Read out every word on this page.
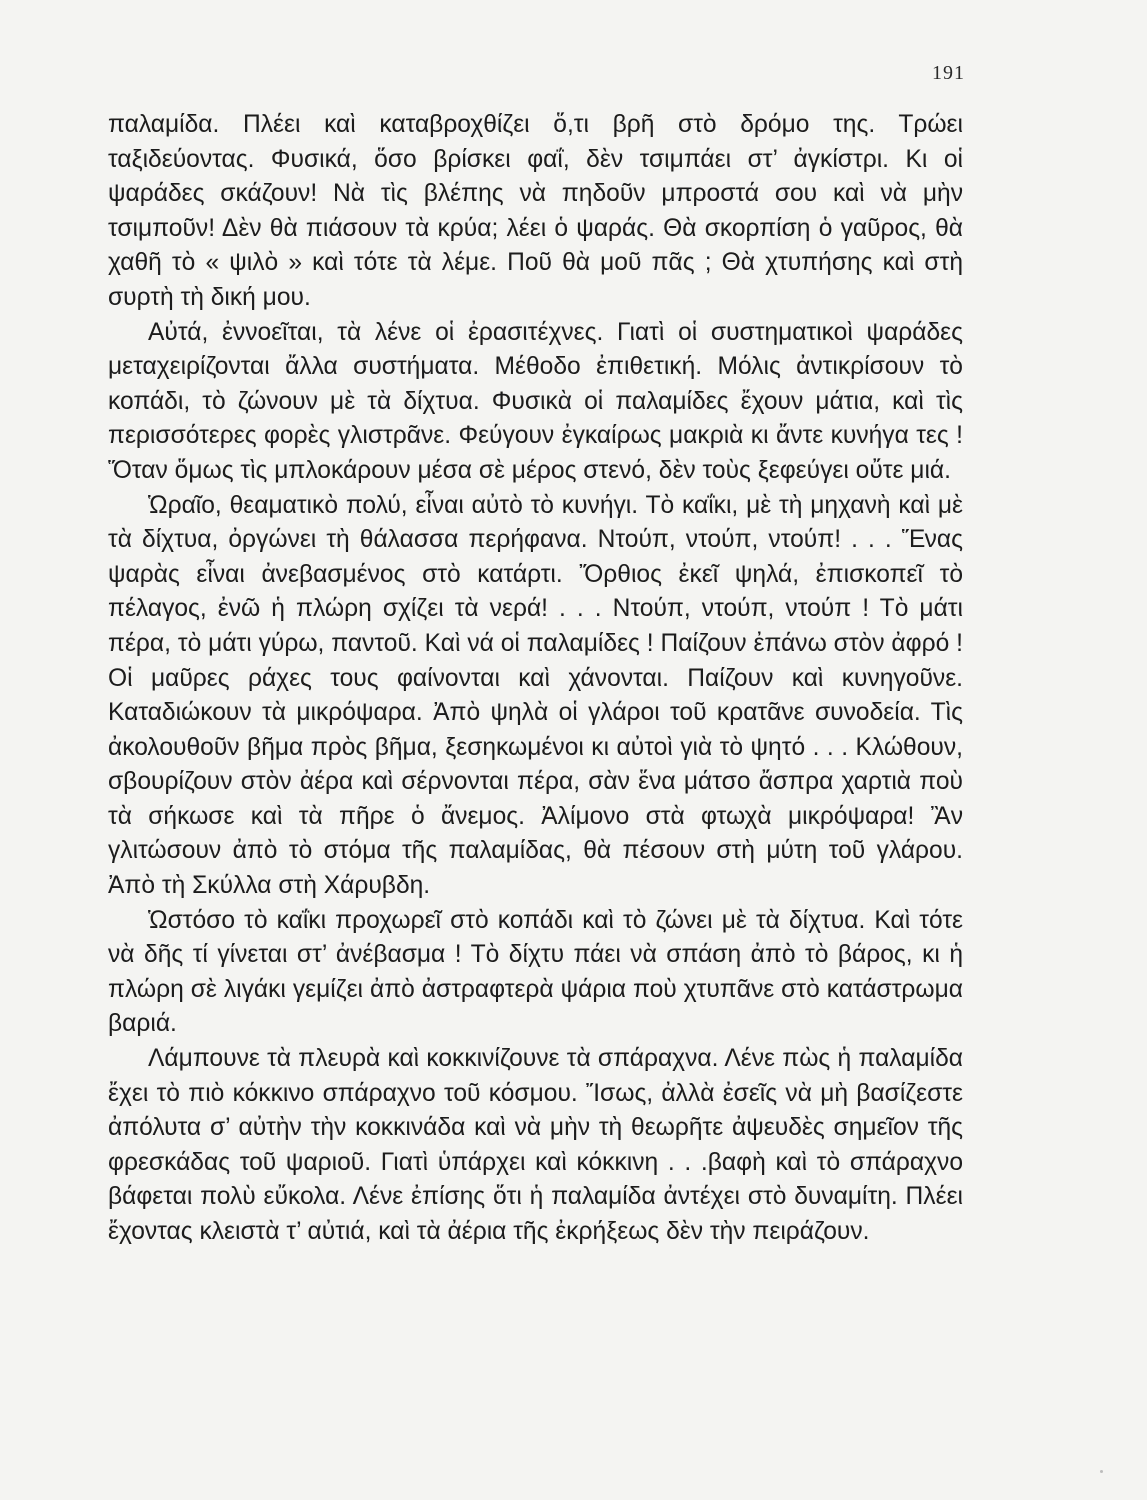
191

παλαμίδα. Πλέει καὶ καταβροχθίζει ὅ,τι βρῆ στὸ δρόμο της. Τρώει ταξιδεύοντας. Φυσικά, ὅσο βρίσκει φαΐ, δὲν τσιμπάει στ’ ἀγκίστρι. Κι οἱ ψαράδες σκάζουν! Νὰ τὶς βλέπης νὰ πηδοῦν μπροστά σου καὶ νὰ μὴν τσιμποῦν! Δὲν θὰ πιάσουν τὰ κρύα; λέει ὁ ψαράς. Θὰ σκορπίση ὁ γαῦρος, θὰ χαθῆ τὸ « ψιλὸ » καὶ τότε τὰ λέμε. Ποῦ θὰ μοῦ πᾶς ; Θὰ χτυπήσης καὶ στὴ συρτὴ τὴ δική μου.

Αὐτά, ἐννοεῖται, τὰ λένε οἱ ἐρασιτέχνες. Γιατὶ οἱ συστηματικοὶ ψαράδες μεταχειρίζονται ἄλλα συστήματα. Μέθοδο ἐπιθετική. Μόλις ἀντικρίσουν τὸ κοπάδι, τὸ ζώνουν μὲ τὰ δίχτυα. Φυσικὰ οἱ παλαμίδες ἔχουν μάτια, καὶ τὶς περισσότερες φορὲς γλιστρᾶνε. Φεύγουν ἐγκαίρως μακριὰ κι ἄντε κυνήγα τες ! Ὅταν ὅμως τὶς μπλοκάρουν μέσα σὲ μέρος στενό, δὲν τοὺς ξεφεύγει οὔτε μιά.

Ὡραῖο, θεαματικὸ πολύ, εἶναι αὐτὸ τὸ κυνήγι. Τὸ καΐκι, μὲ τὴ μηχανὴ καὶ μὲ τὰ δίχτυα, ὀργώνει τὴ θάλασσα περήφανα. Ντούπ, ντούπ, ντούπ! . . . Ἕνας ψαρὰς εἶναι ἀνεβασμένος στὸ κατάρτι. Ὄρθιος ἐκεῖ ψηλά, ἐπισκοπεῖ τὸ πέλαγος, ἐνῶ ἡ πλώρη σχίζει τὰ νερά! . . . Ντούπ, ντούπ, ντούπ ! Τὸ μάτι πέρα, τὸ μάτι γύρω, παντοῦ. Καὶ νά οἱ παλαμίδες ! Παίζουν ἐπάνω στὸν ἀφρό ! Οἱ μαῦρες ράχες τους φαίνονται καὶ χάνονται. Παίζουν καὶ κυνηγοῦνε. Καταδιώκουν τὰ μικρόψαρα. Ἀπὸ ψηλὰ οἱ γλάροι τοῦ κρατᾶνε συνοδεία. Τὶς ἀκολουθοῦν βῆμα πρὸς βῆμα, ξεσηκωμένοι κι αὐτοὶ γιὰ τὸ ψητό . . . Κλώθουν, σβουρίζουν στὸν ἀέρα καὶ σέρνονται πέρα, σὰν ἕνα μάτσο ἄσπρα χαρτιὰ ποὺ τὰ σήκωσε καὶ τὰ πῆρε ὁ ἄνεμος. Ἀλίμονο στὰ φτωχὰ μικρόψαρα! Ἂν γλιτώσουν ἀπὸ τὸ στόμα τῆς παλαμίδας, θὰ πέσουν στὴ μύτη τοῦ γλάρου. Ἀπὸ τὴ Σκύλλα στὴ Χάρυβδη.

Ὡστόσο τὸ καΐκι προχωρεῖ στὸ κοπάδι καὶ τὸ ζώνει μὲ τὰ δίχτυα. Καὶ τότε νὰ δῆς τί γίνεται στ’ ἀνέβασμα ! Τὸ δίχτυ πάει νὰ σπάση ἀπὸ τὸ βάρος, κι ἡ πλώρη σὲ λιγάκι γεμίζει ἀπὸ ἀστραφτερὰ ψάρια ποὺ χτυπᾶνε στὸ κατάστρωμα βαριά.

Λάμπουνε τὰ πλευρὰ καὶ κοκκινίζουνε τὰ σπάραχνα. Λένε πὼς ἡ παλαμίδα ἔχει τὸ πιὸ κόκκινο σπάραχνο τοῦ κόσμου. Ἴσως, ἀλλὰ ἐσεῖς νὰ μὴ βασίζεστε ἀπόλυτα σ’ αὐτὴν τὴν κοκκινάδα καὶ νὰ μὴν τὴ θεωρῆτε ἀψευδὲς σημεῖον τῆς φρεσκάδας τοῦ ψαριοῦ. Γιατὶ ὑπάρχει καὶ κόκκινη . . .βαφὴ καὶ τὸ σπάραχνο βάφεται πολὺ εὔκολα. Λένε ἐπίσης ὅτι ἡ παλαμίδα ἀντέχει στὸ δυναμίτη. Πλέει ἔχοντας κλειστὰ τ’ αὐτιά, καὶ τὰ ἀέρια τῆς ἐκρήξεως δὲν τὴν πειράζουν.
